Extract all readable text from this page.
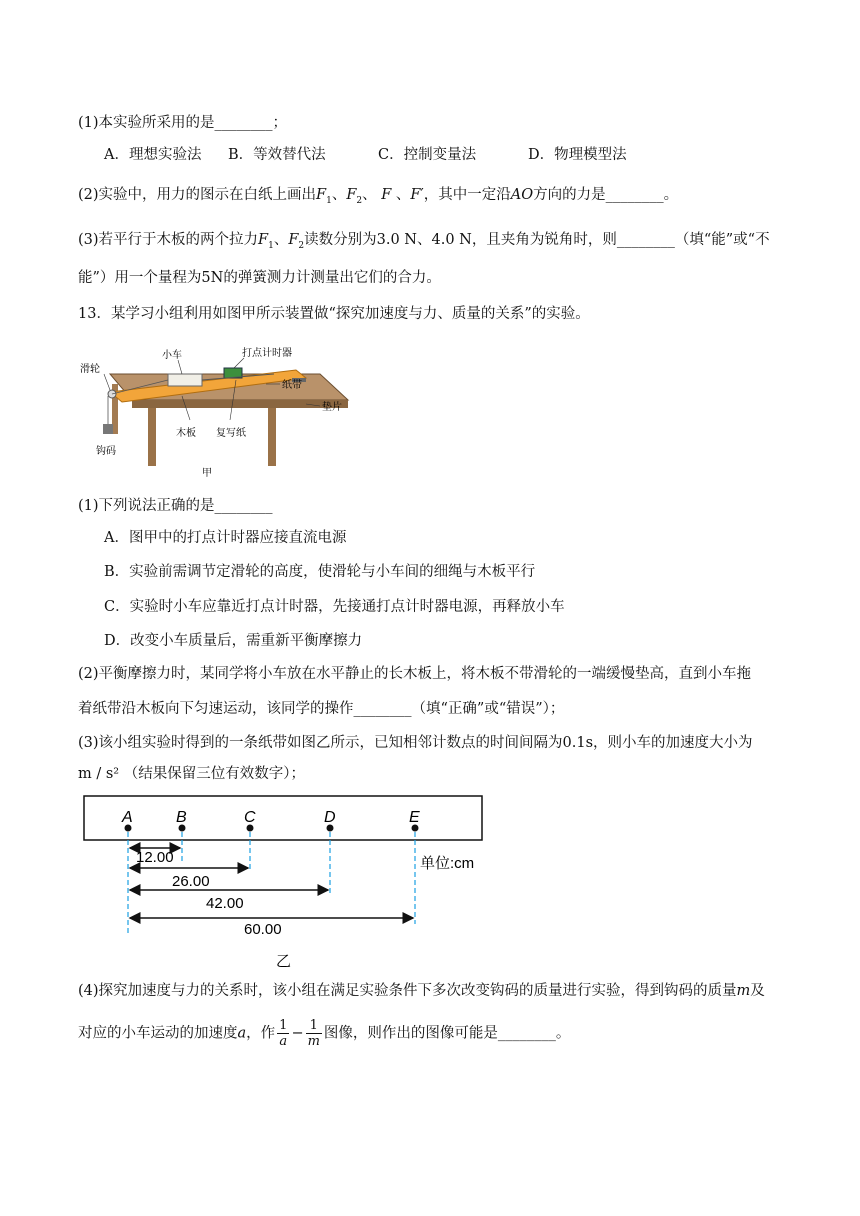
(1)本实验所采用的是________；
A．理想实验法 B．等效替代法	C．控制变量法	D．物理模型法
(2)实验中，用力的图示在白纸上画出$F_1$、$F_2$、 F 、F′，其中一定沿AO方向的力是________。
(3)若平行于木板的两个拉力$F_1$、$F_2$读数分别为3.0 N、4.0 N，且夹角为锐角时，则________（填“能”或“不
能”）用一个量程为5N的弹簧测力计测量出它们的合力。
13．某学习小组利用如图甲所示装置做“探究加速度与力、质量的关系”的实验。
滑轮
小车	打点计时器
纸带
垫片
木板 复写纸
钩码
甲
(1)下列说法正确的是________
A．图甲中的打点计时器应接直流电源
B．实验前需调节定滑轮的高度，使滑轮与小车间的细绳与木板平行
C．实验时小车应靠近打点计时器，先接通打点计时器电源，再释放小车
D．改变小车质量后，需重新平衡摩擦力
(2)平衡摩擦力时，某同学将小车放在水平静止的长木板上，将木板不带滑轮的一端缓慢垫高，直到小车拖
着纸带沿木板向下匀速运动，该同学的操作________（填“正确”或“错误”）；
(3)该小组实验时得到的一条纸带如图乙所示，已知相邻计数点的时间间隔为0.1s，则小车的加速度大小为
m / s² （结果保留三位有效数字）；
A	B	C	D	E
12.00
26.00
42.00
60.00
单位:cm
乙
(4)探究加速度与力的关系时，该小组在满足实验条件下多次改变钩码的质量进行实验，得到钩码的质量m及
对应的小车运动的加速度a，作 $\frac{1}{a} - \frac{1}{m}$ 图像，则作出的图像可能是________。
